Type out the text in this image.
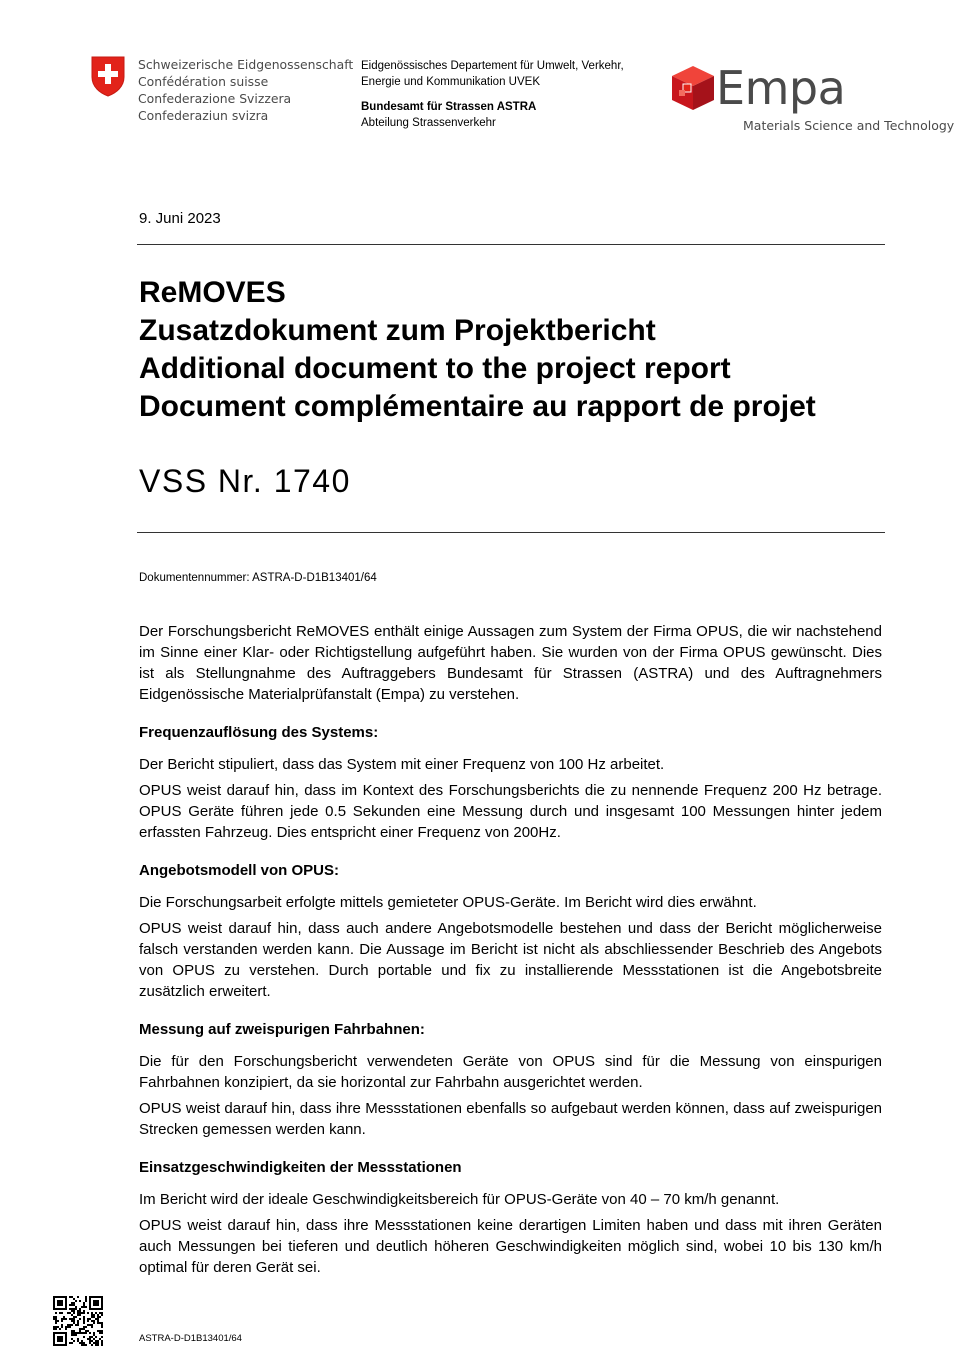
Schweizerische Eidgenossenschaft
Confédération suisse
Confederazione Svizzera
Confederaziun svizra
Eidgenössisches Departement für Umwelt, Verkehr,
Energie und Kommunikation UVEK
Bundesamt für Strassen ASTRA
Abteilung Strassenverkehr
Empa
Materials Science and Technology
9. Juni 2023
ReMOVES
Zusatzdokument zum Projektbericht
Additional document to the project report
Document complémentaire au rapport de projet
VSS Nr. 1740
Dokumentennummer: ASTRA-D-D1B13401/64

Der Forschungsbericht ReMOVES enthält einige Aussagen zum System der Firma OPUS, die wir nachstehend im Sinne einer Klar- oder Richtigstellung aufgeführt haben. Sie wurden von der Firma OPUS gewünscht. Dies ist als Stellungnahme des Auftraggebers Bundesamt für Strassen (ASTRA) und des Auftragnehmers Eidgenössische Materialprüfanstalt (Empa) zu verstehen.

Frequenzauflösung des Systems:

Der Bericht stipuliert, dass das System mit einer Frequenz von 100 Hz arbeitet.

OPUS weist darauf hin, dass im Kontext des Forschungsberichts die zu nennende Frequenz 200 Hz betrage. OPUS Geräte führen jede 0.5 Sekunden eine Messung durch und insgesamt 100 Messungen hinter jedem erfassten Fahrzeug. Dies entspricht einer Frequenz von 200Hz.

Angebotsmodell von OPUS:

Die Forschungsarbeit erfolgte mittels gemieteter OPUS-Geräte. Im Bericht wird dies erwähnt.

OPUS weist darauf hin, dass auch andere Angebotsmodelle bestehen und dass der Bericht möglicherweise falsch verstanden werden kann. Die Aussage im Bericht ist nicht als abschliessender Beschrieb des Angebots von OPUS zu verstehen. Durch portable und fix zu installierende Messstationen ist die Angebotsbreite zusätzlich erweitert.

Messung auf zweispurigen Fahrbahnen:

Die für den Forschungsbericht verwendeten Geräte von OPUS sind für die Messung von einspurigen Fahrbahnen konzipiert, da sie horizontal zur Fahrbahn ausgerichtet werden.

OPUS weist darauf hin, dass ihre Messstationen ebenfalls so aufgebaut werden können, dass auf zweispurigen Strecken gemessen werden kann.

Einsatzgeschwindigkeiten der Messstationen

Im Bericht wird der ideale Geschwindigkeitsbereich für OPUS-Geräte von 40 – 70 km/h genannt.

OPUS weist darauf hin, dass ihre Messstationen keine derartigen Limiten haben und dass mit ihren Geräten auch Messungen bei tieferen und deutlich höheren Geschwindigkeiten möglich sind, wobei 10 bis 130 km/h optimal für deren Gerät sei.

ASTRA-D-D1B13401/64
